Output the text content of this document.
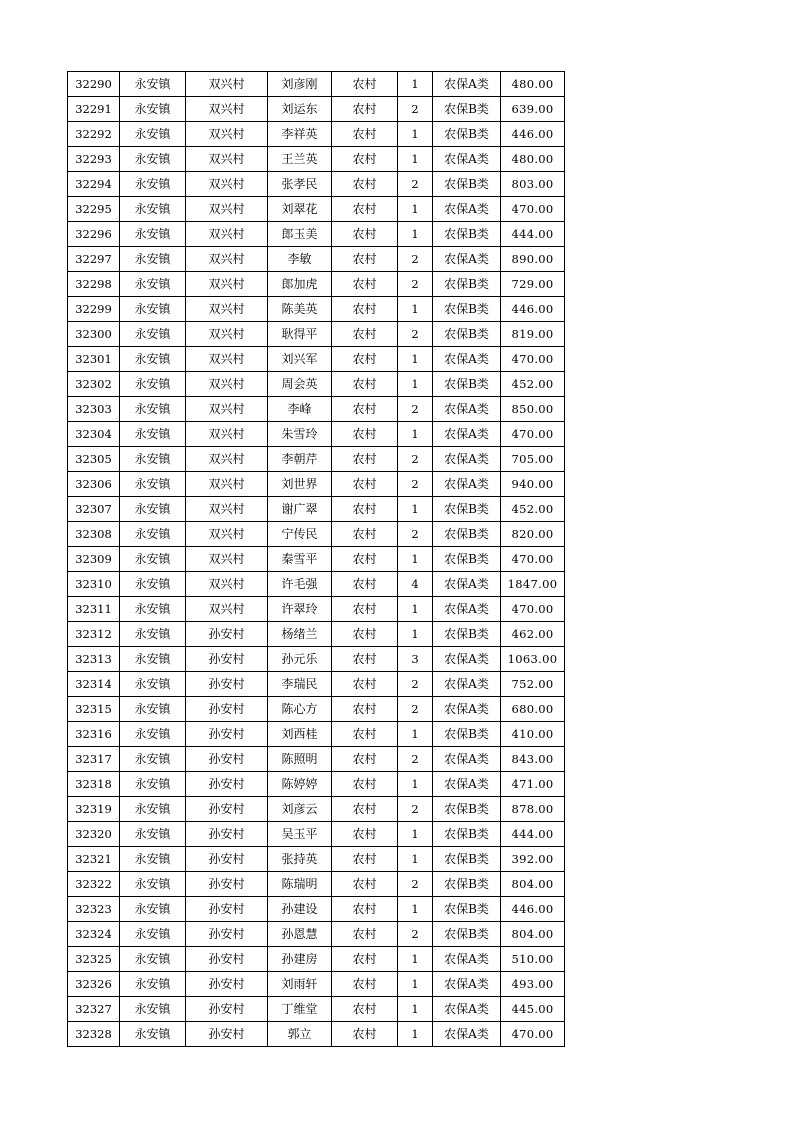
32290	永安镇	双兴村	刘彦刚	农村	1	农保A类	480.00
32291	永安镇	双兴村	刘运东	农村	2	农保B类	639.00
32292	永安镇	双兴村	李祥英	农村	1	农保B类	446.00
32293	永安镇	双兴村	王兰英	农村	1	农保A类	480.00
32294	永安镇	双兴村	张孝民	农村	2	农保B类	803.00
32295	永安镇	双兴村	刘翠花	农村	1	农保A类	470.00
32296	永安镇	双兴村	郎玉美	农村	1	农保B类	444.00
32297	永安镇	双兴村	李敏	农村	2	农保A类	890.00
32298	永安镇	双兴村	郎加虎	农村	2	农保B类	729.00
32299	永安镇	双兴村	陈美英	农村	1	农保B类	446.00
32300	永安镇	双兴村	耿得平	农村	2	农保B类	819.00
32301	永安镇	双兴村	刘兴军	农村	1	农保A类	470.00
32302	永安镇	双兴村	周会英	农村	1	农保B类	452.00
32303	永安镇	双兴村	李峰	农村	2	农保A类	850.00
32304	永安镇	双兴村	朱雪玲	农村	1	农保A类	470.00
32305	永安镇	双兴村	李朝芹	农村	2	农保A类	705.00
32306	永安镇	双兴村	刘世界	农村	2	农保A类	940.00
32307	永安镇	双兴村	谢广翠	农村	1	农保B类	452.00
32308	永安镇	双兴村	宁传民	农村	2	农保B类	820.00
32309	永安镇	双兴村	秦雪平	农村	1	农保B类	470.00
32310	永安镇	双兴村	许毛强	农村	4	农保A类	1847.00
32311	永安镇	双兴村	许翠玲	农村	1	农保A类	470.00
32312	永安镇	孙安村	杨绪兰	农村	1	农保B类	462.00
32313	永安镇	孙安村	孙元乐	农村	3	农保A类	1063.00
32314	永安镇	孙安村	李瑞民	农村	2	农保A类	752.00
32315	永安镇	孙安村	陈心方	农村	2	农保A类	680.00
32316	永安镇	孙安村	刘西桂	农村	1	农保B类	410.00
32317	永安镇	孙安村	陈照明	农村	2	农保A类	843.00
32318	永安镇	孙安村	陈婷婷	农村	1	农保A类	471.00
32319	永安镇	孙安村	刘彦云	农村	2	农保B类	878.00
32320	永安镇	孙安村	吴玉平	农村	1	农保B类	444.00
32321	永安镇	孙安村	张持英	农村	1	农保B类	392.00
32322	永安镇	孙安村	陈瑞明	农村	2	农保B类	804.00
32323	永安镇	孙安村	孙建设	农村	1	农保B类	446.00
32324	永安镇	孙安村	孙恩慧	农村	2	农保B类	804.00
32325	永安镇	孙安村	孙建房	农村	1	农保A类	510.00
32326	永安镇	孙安村	刘雨轩	农村	1	农保A类	493.00
32327	永安镇	孙安村	丁维堂	农村	1	农保A类	445.00
32328	永安镇	孙安村	郭立	农村	1	农保A类	470.00
